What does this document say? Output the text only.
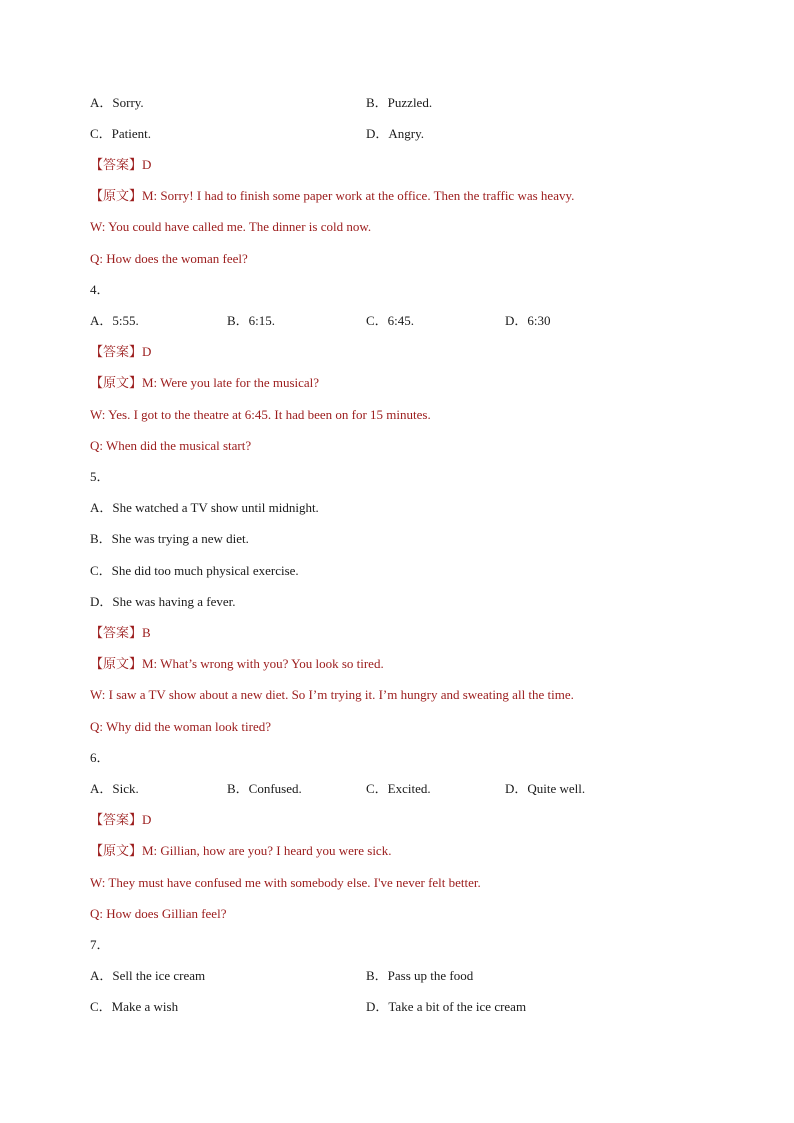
A．Sorry.	B．Puzzled.
C．Patient.	D．Angry.
【答案】D
【原文】M: Sorry! I had to finish some paper work at the office. Then the traffic was heavy.
W: You could have called me. The dinner is cold now.
Q: How does the woman feel?
4．
A．5:55.	B．6:15.	C．6:45.	D．6:30
【答案】D
【原文】M: Were you late for the musical?
W: Yes. I got to the theatre at 6:45. It had been on for 15 minutes.
Q: When did the musical start?
5．
A．She watched a TV show until midnight.
B．She was trying a new diet.
C．She did too much physical exercise.
D．She was having a fever.
【答案】B
【原文】M: What’s wrong with you? You look so tired.
W: I saw a TV show about a new diet. So I’m trying it. I’m hungry and sweating all the time.
Q: Why did the woman look tired?
6．
A．Sick.	B．Confused.	C．Excited.	D．Quite well.
【答案】D
【原文】M: Gillian, how are you? I heard you were sick.
W: They must have confused me with somebody else. I've never felt better.
Q: How does Gillian feel?
7．
A．Sell the ice cream	B．Pass up the food
C．Make a wish	D．Take a bit of the ice cream
